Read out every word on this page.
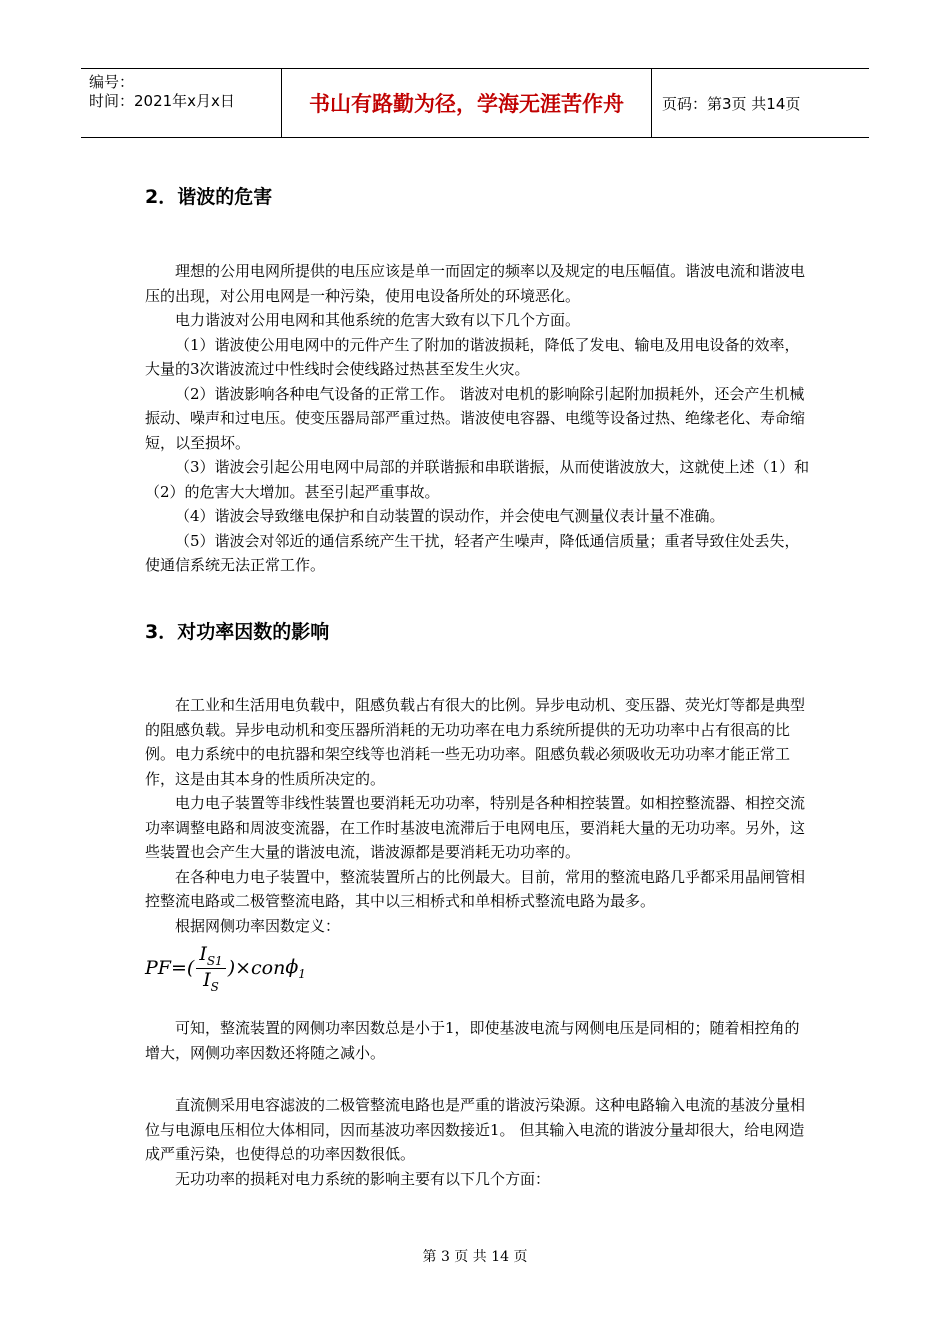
编号：
时间：2021年x月x日	书山有路勤为径，学海无涯苦作舟	页码：第3页 共14页
2．谐波的危害

理想的公用电网所提供的电压应该是单一而固定的频率以及规定的电压幅值。谐波电流和谐波电压的出现，对公用电网是一种污染，使用电设备所处的环境恶化。

电力谐波对公用电网和其他系统的危害大致有以下几个方面。

（1）谐波使公用电网中的元件产生了附加的谐波损耗，降低了发电、输电及用电设备的效率，大量的3次谐波流过中性线时会使线路过热甚至发生火灾。

（2）谐波影响各种电气设备的正常工作。 谐波对电机的影响除引起附加损耗外，还会产生机械振动、噪声和过电压。使变压器局部严重过热。谐波使电容器、电缆等设备过热、绝缘老化、寿命缩短，以至损坏。

（3）谐波会引起公用电网中局部的并联谐振和串联谐振，从而使谐波放大，这就使上述（1）和（2）的危害大大增加。甚至引起严重事故。

（4）谐波会导致继电保护和自动装置的误动作，并会使电气测量仪表计量不准确。

（5）谐波会对邻近的通信系统产生干扰，轻者产生噪声，降低通信质量；重者导致住处丢失，使通信系统无法正常工作。

3．对功率因数的影响

在工业和生活用电负载中，阻感负载占有很大的比例。异步电动机、变压器、荧光灯等都是典型的阻感负载。异步电动机和变压器所消耗的无功功率在电力系统所提供的无功功率中占有很高的比例。电力系统中的电抗器和架空线等也消耗一些无功功率。阻感负载必须吸收无功功率才能正常工作，这是由其本身的性质所决定的。

电力电子装置等非线性装置也要消耗无功功率，特别是各种相控装置。如相控整流器、相控交流功率调整电路和周波变流器，在工作时基波电流滞后于电网电压，要消耗大量的无功功率。另外，这些装置也会产生大量的谐波电流，谐波源都是要消耗无功功率的。

在各种电力电子装置中，整流装置所占的比例最大。目前，常用的整流电路几乎都采用晶闸管相控整流电路或二极管整流电路，其中以三相桥式和单相桥式整流电路为最多。

根据网侧功率因数定义：

PF =( $\frac{I_{S1}}{I_S} )\times con$ $\phi_1$

可知，整流装置的网侧功率因数总是小于1，即使基波电流与网侧电压是同相的；随着相控角的增大，网侧功率因数还将随之减小。

直流侧采用电容滤波的二极管整流电路也是严重的谐波污染源。这种电路输入电流的基波分量相位与电源电压相位大体相同，因而基波功率因数接近1。 但其输入电流的谐波分量却很大，给电网造成严重污染，也使得总的功率因数很低。

无功功率的损耗对电力系统的影响主要有以下几个方面：

第 3 页 共 14 页
